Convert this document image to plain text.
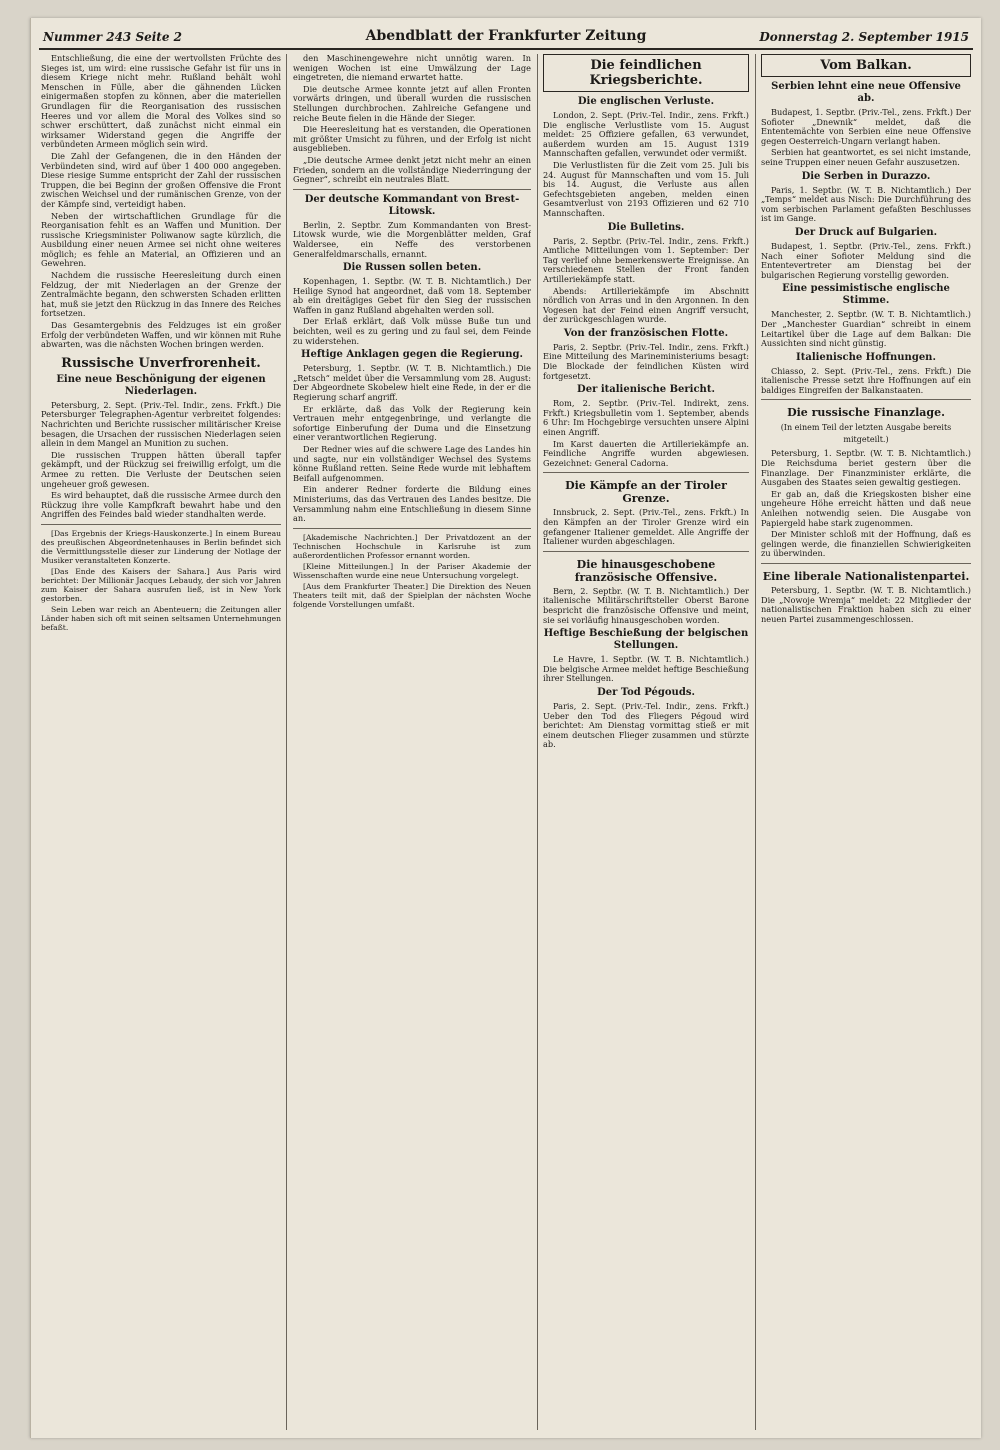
Nummer 243 Seite 2	Abendblatt der Frankfurter Zeitung	Donnerstag 2. September 1915

Entschließung, die eine der wertvollsten Früchte des Sieges ist, um wird: eine russische Gefahr ist für uns in diesem Kriege nicht mehr. Rußland behält wohl Menschen in Fülle, aber die gähnenden Lücken einigermaßen stopfen zu können, aber die materiellen Grundlagen für die Reorganisation des russischen Heeres und vor allem die Moral des Volkes sind so schwer erschüttert, daß zunächst nicht einmal ein wirksamer Widerstand gegen die Angriffe der verbündeten Armeen möglich sein wird.

Die Zahl der Gefangenen, die in den Händen der Verbündeten sind, wird auf über 1 400 000 angegeben. Diese riesige Summe entspricht der Zahl der russischen Truppen, die bei Beginn der großen Offensive die Front zwischen Weichsel und der rumänischen Grenze, von der der Kämpfe sind, verteidigt haben.

Neben der wirtschaftlichen Grundlage für die Reorganisation fehlt es an Waffen und Munition. Der russische Kriegsminister Poliwanow sagte kürzlich, die Ausbildung einer neuen Armee sei nicht ohne weiteres möglich; es fehle an Material, an Offizieren und an Gewehren.

Nachdem die russische Heeresleitung durch einen Feldzug, der mit Niederlagen an der Grenze der Zentralmächte begann, den schwersten Schaden erlitten hat, muß sie jetzt den Rückzug in das Innere des Reiches fortsetzen.

Das Gesamtergebnis des Feldzuges ist ein großer Erfolg der verbündeten Waffen, und wir können mit Ruhe abwarten, was die nächsten Wochen bringen werden.

Russische Unverfrorenheit.
Eine neue Beschönigung der eigenen Niederlagen.

Petersburg, 2. Sept. (Priv.-Tel. Indir., zens. Frkft.) Die Petersburger Telegraphen-Agentur verbreitet folgendes: Nachrichten und Berichte russischer militärischer Kreise besagen, die Ursachen der russischen Niederlagen seien allein in dem Mangel an Munition zu suchen.

Die russischen Truppen hätten überall tapfer gekämpft, und der Rückzug sei freiwillig erfolgt, um die Armee zu retten. Die Verluste der Deutschen seien ungeheuer groß gewesen.

Es wird behauptet, daß die russische Armee durch den Rückzug ihre volle Kampfkraft bewahrt habe und den Angriffen des Feindes bald wieder standhalten werde.

[Das Ergebnis der Kriegs-Hauskonzerte.] In einem Bureau des preußischen Abgeordnetenhauses in Berlin befindet sich die Vermittlungsstelle dieser zur Linderung der Notlage der Musiker veranstalteten Konzerte.

[Das Ende des Kaisers der Sahara.] Aus Paris wird berichtet: Der Millionär Jacques Lebaudy, der sich vor Jahren zum Kaiser der Sahara ausrufen ließ, ist in New York gestorben.

Sein Leben war reich an Abenteuern; die Zeitungen aller Länder haben sich oft mit seinen seltsamen Unternehmungen befaßt.

den Maschinengewehre nicht unnötig waren. In wenigen Wochen ist eine Umwälzung der Lage eingetreten, die niemand erwartet hatte.

Die deutsche Armee konnte jetzt auf allen Fronten vorwärts dringen, und überall wurden die russischen Stellungen durchbrochen. Zahlreiche Gefangene und reiche Beute fielen in die Hände der Sieger.

Die Heeresleitung hat es verstanden, die Operationen mit größter Umsicht zu führen, und der Erfolg ist nicht ausgeblieben.

„Die deutsche Armee denkt jetzt nicht mehr an einen Frieden, sondern an die vollständige Niederringung der Gegner“, schreibt ein neutrales Blatt.

Der deutsche Kommandant von Brest-Litowsk.

Berlin, 2. Septbr. Zum Kommandanten von Brest-Litowsk wurde, wie die Morgenblätter melden, Graf Waldersee, ein Neffe des verstorbenen Generalfeldmarschalls, ernannt.

Die Russen sollen beten.

Kopenhagen, 1. Septbr. (W. T. B. Nichtamtlich.) Der Heilige Synod hat angeordnet, daß vom 18. September ab ein dreitägiges Gebet für den Sieg der russischen Waffen in ganz Rußland abgehalten werden soll.

Der Erlaß erklärt, daß Volk müsse Buße tun und beichten, weil es zu gering und zu faul sei, dem Feinde zu widerstehen.

Heftige Anklagen gegen die Regierung.

Petersburg, 1. Septbr. (W. T. B. Nichtamtlich.) Die „Retsch“ meldet über die Versammlung vom 28. August: Der Abgeordnete Skobelew hielt eine Rede, in der er die Regierung scharf angriff.

Er erklärte, daß das Volk der Regierung kein Vertrauen mehr entgegenbringe, und verlangte die sofortige Einberufung der Duma und die Einsetzung einer verantwortlichen Regierung.

Der Redner wies auf die schwere Lage des Landes hin und sagte, nur ein vollständiger Wechsel des Systems könne Rußland retten. Seine Rede wurde mit lebhaftem Beifall aufgenommen.

Ein anderer Redner forderte die Bildung eines Ministeriums, das das Vertrauen des Landes besitze. Die Versammlung nahm eine Entschließung in diesem Sinne an.

[Akademische Nachrichten.] Der Privatdozent an der Technischen Hochschule in Karlsruhe ist zum außerordentlichen Professor ernannt worden.

[Kleine Mitteilungen.] In der Pariser Akademie der Wissenschaften wurde eine neue Untersuchung vorgelegt.

[Aus dem Frankfurter Theater.] Die Direktion des Neuen Theaters teilt mit, daß der Spielplan der nächsten Woche folgende Vorstellungen umfaßt.

Die feindlichen Kriegsberichte.
Die englischen Verluste.

London, 2. Sept. (Priv.-Tel. Indir., zens. Frkft.) Die englische Verlustliste vom 15. August meldet: 25 Offiziere gefallen, 63 verwundet, außerdem wurden am 15. August 1319 Mannschaften gefallen, verwundet oder vermißt.

Die Verlustlisten für die Zeit vom 25. Juli bis 24. August für Mannschaften und vom 15. Juli bis 14. August, die Verluste aus allen Gefechtsgebieten angeben, melden einen Gesamtverlust von 2193 Offizieren und 62 710 Mannschaften.

Die Bulletins.

Paris, 2. Septbr. (Priv.-Tel. Indir., zens. Frkft.) Amtliche Mitteilungen vom 1. September: Der Tag verlief ohne bemerkenswerte Ereignisse. An verschiedenen Stellen der Front fanden Artilleriekämpfe statt.

Abends: Artilleriekämpfe im Abschnitt nördlich von Arras und in den Argonnen. In den Vogesen hat der Feind einen Angriff versucht, der zurückgeschlagen wurde.

Von der französischen Flotte.

Paris, 2. Septbr. (Priv.-Tel. Indir., zens. Frkft.) Eine Mitteilung des Marineministeriums besagt: Die Blockade der feindlichen Küsten wird fortgesetzt.

Der italienische Bericht.

Rom, 2. Septbr. (Priv.-Tel. Indirekt, zens. Frkft.) Kriegsbulletin vom 1. September, abends 6 Uhr: Im Hochgebirge versuchten unsere Alpini einen Angriff.

Im Karst dauerten die Artilleriekämpfe an. Feindliche Angriffe wurden abgewiesen. Gezeichnet: General Cadorna.

Die Kämpfe an der Tiroler Grenze.

Innsbruck, 2. Sept. (Priv.-Tel., zens. Frkft.) In den Kämpfen an der Tiroler Grenze wird ein gefangener Italiener gemeldet. Alle Angriffe der Italiener wurden abgeschlagen.

Die hinausgeschobene französische Offensive.

Bern, 2. Septbr. (W. T. B. Nichtamtlich.) Der italienische Militärschriftsteller Oberst Barone bespricht die französische Offensive und meint, sie sei vorläufig hinausgeschoben worden.

Heftige Beschießung der belgischen Stellungen.

Le Havre, 1. Septbr. (W. T. B. Nichtamtlich.) Die belgische Armee meldet heftige Beschießung ihrer Stellungen.

Der Tod Pégouds.

Paris, 2. Sept. (Priv.-Tel. Indir., zens. Frkft.) Ueber den Tod des Fliegers Pégoud wird berichtet: Am Dienstag vormittag stieß er mit einem deutschen Flieger zusammen und stürzte ab.

Vom Balkan.
Serbien lehnt eine neue Offensive ab.

Budapest, 1. Septbr. (Priv.-Tel., zens. Frkft.) Der Sofioter „Dnewnik“ meldet, daß die Ententemächte von Serbien eine neue Offensive gegen Oesterreich-Ungarn verlangt haben.

Serbien hat geantwortet, es sei nicht imstande, seine Truppen einer neuen Gefahr auszusetzen.

Die Serben in Durazzo.

Paris, 1. Septbr. (W. T. B. Nichtamtlich.) Der „Temps“ meldet aus Nisch: Die Durchführung des vom serbischen Parlament gefaßten Beschlusses ist im Gange.

Der Druck auf Bulgarien.

Budapest, 1. Septbr. (Priv.-Tel., zens. Frkft.) Nach einer Sofioter Meldung sind die Ententevertreter am Dienstag bei der bulgarischen Regierung vorstellig geworden.

Eine pessimistische englische Stimme.

Manchester, 2. Septbr. (W. T. B. Nichtamtlich.) Der „Manchester Guardian“ schreibt in einem Leitartikel über die Lage auf dem Balkan: Die Aussichten sind nicht günstig.

Italienische Hoffnungen.

Chiasso, 2. Sept. (Priv.-Tel., zens. Frkft.) Die italienische Presse setzt ihre Hoffnungen auf ein baldiges Eingreifen der Balkanstaaten.

Die russische Finanzlage.
(In einem Teil der letzten Ausgabe bereits mitgeteilt.)

Petersburg, 1. Septbr. (W. T. B. Nichtamtlich.) Die Reichsduma beriet gestern über die Finanzlage. Der Finanzminister erklärte, die Ausgaben des Staates seien gewaltig gestiegen.

Er gab an, daß die Kriegskosten bisher eine ungeheure Höhe erreicht hätten und daß neue Anleihen notwendig seien. Die Ausgabe von Papiergeld habe stark zugenommen.

Der Minister schloß mit der Hoffnung, daß es gelingen werde, die finanziellen Schwierigkeiten zu überwinden.

Eine liberale Nationalistenpartei.

Petersburg, 1. Septbr. (W. T. B. Nichtamtlich.) Die „Nowoje Wremja“ meldet: 22 Mitglieder der nationalistischen Fraktion haben sich zu einer neuen Partei zusammengeschlossen.
